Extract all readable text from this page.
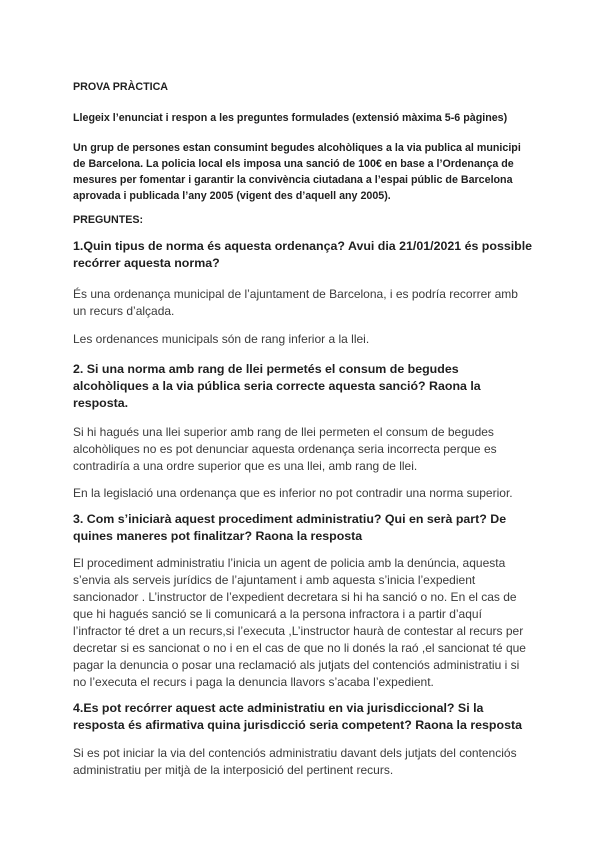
PROVA PRÀCTICA

Llegeix l’enunciat i respon a les preguntes formulades (extensió màxima 5-6 pàgines)

Un grup de persones estan consumint begudes alcohòliques a la via publica al municipi de Barcelona. La policia local els imposa una sanció de 100€ en base a l’Ordenança de mesures per fomentar i garantir la convivència ciutadana a l’espai públic de Barcelona aprovada i publicada l’any 2005 (vigent des d’aquell any 2005).

PREGUNTES:

1.Quin tipus de norma és aquesta ordenança? Avui dia 21/01/2021 és possible recórrer aquesta norma?

És una ordenança municipal de l’ajuntament de Barcelona, i es podría recorrer amb un recurs d’alçada.

Les ordenances municipals són de rang inferior a la llei.

2. Si una norma amb rang de llei permetés el consum de begudes alcohòliques a la via pública seria correcte aquesta sanció? Raona la resposta.

Si hi hagués una llei superior amb rang de llei permeten el consum de begudes alcohòliques no es pot denunciar aquesta ordenança seria incorrecta perque es contradiría a una ordre superior que es una llei, amb rang de llei.

En la legislació una ordenança que es inferior no pot contradir una norma superior.

3. Com s’iniciarà aquest procediment administratiu? Qui en serà part? De quines maneres pot finalitzar? Raona la resposta

El procediment administratiu l’inicia un agent de policia amb la denúncia, aquesta s’envia als serveis jurídics de l’ajuntament i amb aquesta s’inicia l’expedient sancionador . L’instructor de l’expedient decretara si hi ha sanció o no. En el cas de que hi hagués sanció se li comunicará a la persona infractora i a partir d’aquí l’infractor té dret a un recurs,si l’executa ,L’instructor haurà de contestar al recurs per decretar si es sancionat o no i en el cas de que no li donés la raó ,el sancionat té que pagar la denuncia o posar una reclamació als jutjats del contenciós administratiu i si no l’executa el recurs i paga la denuncia llavors s’acaba l’expedient.

4.Es pot recórrer aquest acte administratiu en via jurisdiccional? Si la resposta és afirmativa quina jurisdicció seria competent? Raona la resposta

Si es pot iniciar la via del contenciós administratiu davant dels jutjats del contenciós administratiu per mitjà de la interposició del pertinent recurs.
